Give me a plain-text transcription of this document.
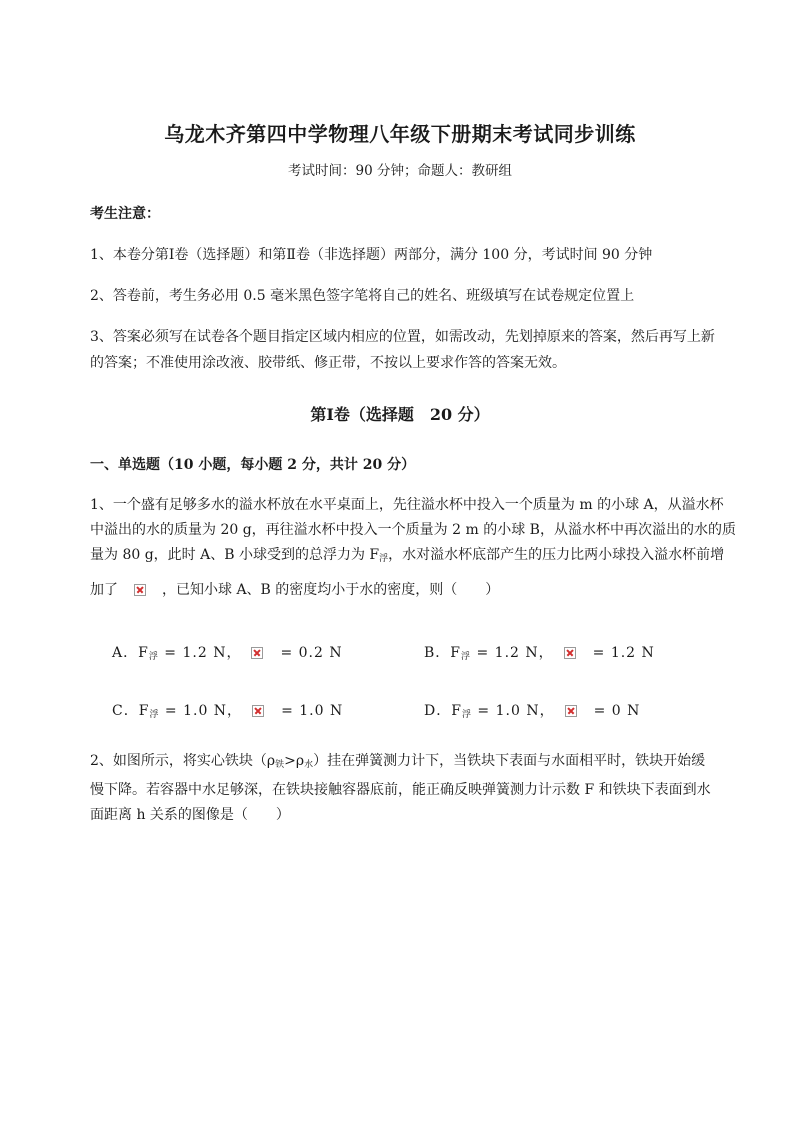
乌龙木齐第四中学物理八年级下册期末考试同步训练
考试时间：90 分钟；命题人：教研组
考生注意：
1、本卷分第Ⅰ卷（选择题）和第Ⅱ卷（非选择题）两部分，满分 100 分，考试时间 90 分钟
2、答卷前，考生务必用 0.5 毫米黑色签字笔将自己的姓名、班级填写在试卷规定位置上
3、答案必须写在试卷各个题目指定区域内相应的位置，如需改动，先划掉原来的答案，然后再写上新
的答案；不准使用涂改液、胶带纸、修正带，不按以上要求作答的答案无效。
第Ⅰ卷（选择题　20 分）
一、单选题（10 小题，每小题 2 分，共计 20 分）
1、一个盛有足够多水的溢水杯放在水平桌面上，先往溢水杯中投入一个质量为 m 的小球 A，从溢水杯
中溢出的水的质量为 20 g，再往溢水杯中投入一个质量为 2 m 的小球 B，从溢水杯中再次溢出的水的质
量为 80 g，此时 A、B 小球受到的总浮力为 $F_浮$，水对溢水杯底部产生的压力比两小球投入溢水杯前增
加了　　	，已知小球 A、B 的密度均小于水的密度，则（　　）
A．$F_浮 = 1.2$ N，　　	= 0.2 N	B．$F_浮 = 1.2$ N，　　	= 1.2 N
C．$F_浮 = 1.0$ N，　　	= 1.0 N	D．$F_浮 = 1.0$ N，　　	= 0 N
2、如图所示，将实心铁块$(\rho_铁>\rho_水)$挂在弹簧测力计下，当铁块下表面与水面相平时，铁块开始缓
慢下降。若容器中水足够深，在铁块接触容器底前，能正确反映弹簧测力计示数 F 和铁块下表面到水
面距离 h 关系的图像是（　　）
